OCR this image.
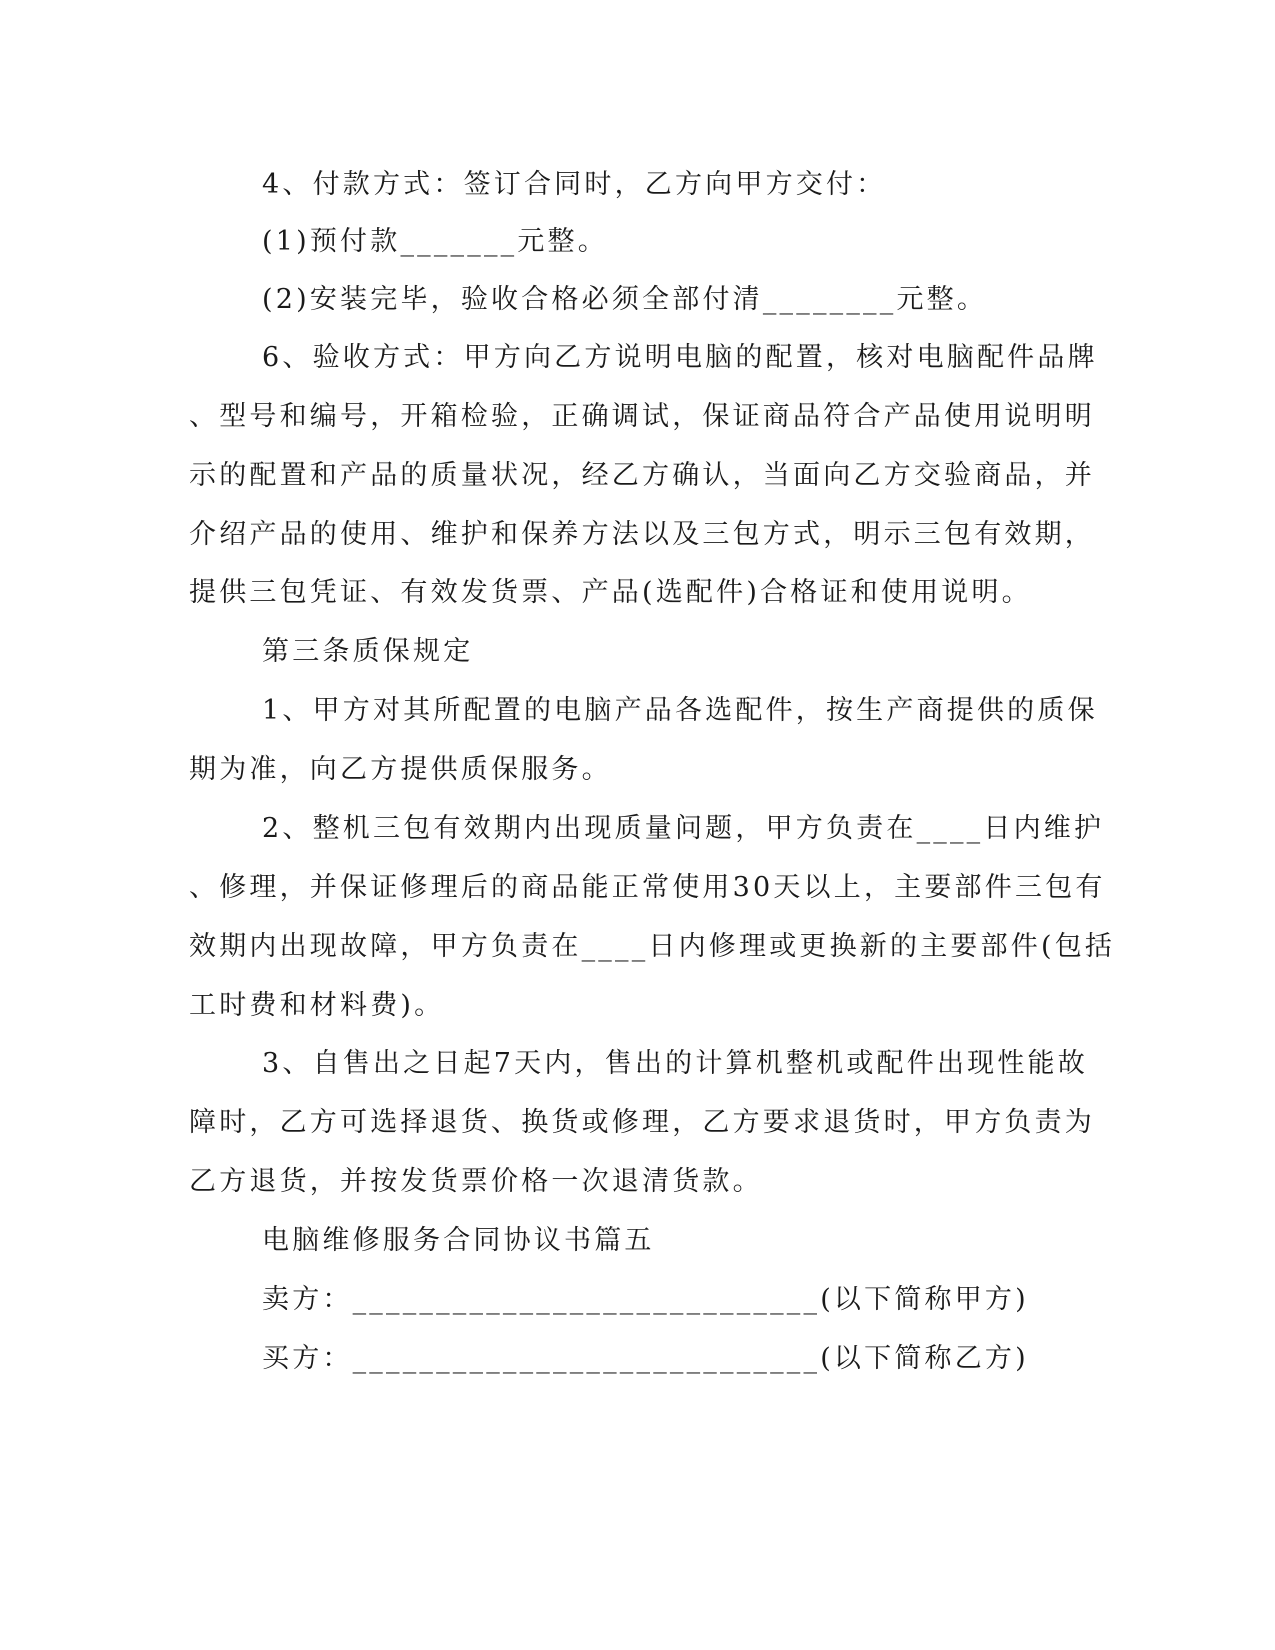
4、付款方式：签订合同时，乙方向甲方交付：
(1)预付款_______元整。
(2)安装完毕，验收合格必须全部付清________元整。
6、验收方式：甲方向乙方说明电脑的配置，核对电脑配件品牌
、型号和编号，开箱检验，正确调试，保证商品符合产品使用说明明
示的配置和产品的质量状况，经乙方确认，当面向乙方交验商品，并
介绍产品的使用、维护和保养方法以及三包方式，明示三包有效期，
提供三包凭证、有效发货票、产品(选配件)合格证和使用说明。
第三条质保规定
1、甲方对其所配置的电脑产品各选配件，按生产商提供的质保
期为准，向乙方提供质保服务。
2、整机三包有效期内出现质量问题，甲方负责在____日内维护
、修理，并保证修理后的商品能正常使用30天以上，主要部件三包有
效期内出现故障，甲方负责在____日内修理或更换新的主要部件(包括
工时费和材料费)。
3、自售出之日起7天内，售出的计算机整机或配件出现性能故
障时，乙方可选择退货、换货或修理，乙方要求退货时，甲方负责为
乙方退货，并按发货票价格一次退清货款。
电脑维修服务合同协议书篇五
卖方：____________________________(以下简称甲方)
买方：____________________________(以下简称乙方)
